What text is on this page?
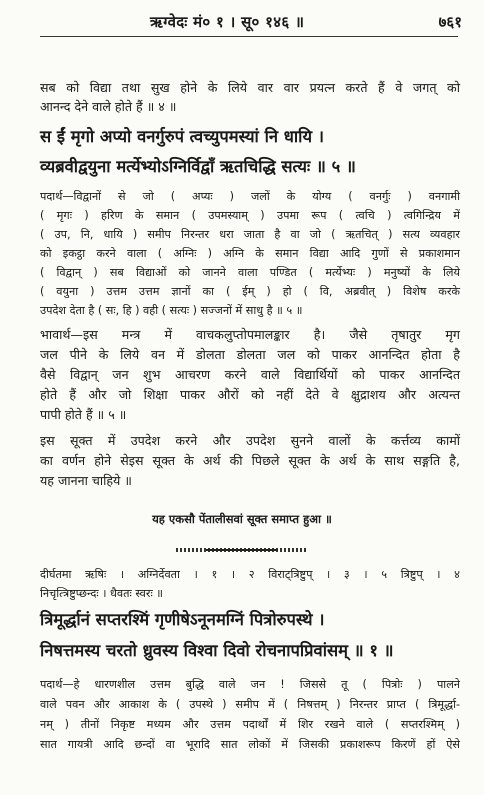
ऋग्वेदः मं० १ । सू० १४६ ॥	७६१
सब को विद्या तथा सुख होने के लिये वार वार प्रयत्न करते हैं वे जगत् को
आनन्द देने वाले होते हैं ॥ ४ ॥
स ईं मृगो अप्यो वनर्गुरुपं त्वच्युपमस्यां नि धायि ।
व्यब्रवीद्वयुना मर्त्येभ्योऽग्निर्विद्वाँ ऋतचिद्धि सत्यः ॥ ५ ॥
पदार्थ—विद्वानों से जो ( अप्यः ) जलों के योग्य ( वनर्गुः ) वनगामी
( मृगः ) हरिण के समान ( उपमस्याम् ) उपमा रूप ( त्वचि ) त्वगिन्द्रिय में
( उप, नि, धायि ) समीप निरन्तर धरा जाता है वा जो ( ऋतचित् ) सत्य व्यवहार
को इकट्ठा करने वाला ( अग्निः ) अग्नि के समान विद्या आदि गुणों से प्रकाशमान
( विद्वान् ) सब विद्याओं को जानने वाला पण्डित ( मर्त्येभ्यः ) मनुष्यों के लिये
( वयुना ) उत्तम उत्तम ज्ञानों का ( ईम् ) हो ( वि, अब्रवीत् ) विशेष करके
उपदेश देता है ( सः, हि ) वही ( सत्यः ) सज्जनों में साधु है ॥ ५ ॥
भावार्थ—इस मन्त्र में वाचकलुप्तोपमालङ्कार है। जैसे तृषातुर मृग
जल पीने के लिये वन में डोलता डोलता जल को पाकर आनन्दित होता है
वैसे विद्वान् जन शुभ आचरण करने वाले विद्यार्थियों को पाकर आनन्दित
होते हैं और जो शिक्षा पाकर औरों को नहीं देते वे क्षुद्राशय और अत्यन्त
पापी होते हैं ॥ ५ ॥
इस सूक्त में उपदेश करने और उपदेश सुनने वालों के कर्त्तव्य कामों
का वर्णन होने सेइस सूक्त के अर्थ की पिछले सूक्त के अर्थ के साथ सङ्गति है,
यह जानना चाहिये ॥
यह एकसौ पेंतालीसवां सूक्त समाप्त हुआ ॥
दीर्घतमा ऋषिः । अग्निर्देवता । १ । २ विराट्त्रिष्टुप् । ३ । ५ त्रिष्टुप् । ४
निचृत्त्रिष्टुप्छन्दः । धैवतः स्वरः ॥
त्रिमूर्द्धानं सप्तरश्मिं गृणीषेऽनूनमग्निं पित्रोरुपस्थे ।
निषत्तमस्य चरतो ध्रुवस्य विश्वा दिवो रोचनापप्रिवांसम् ॥ १ ॥
पदार्थ—हे धारणशील उत्तम बुद्धि वाले जन ! जिससे तू ( पित्रोः ) पालने
वाले पवन और आकाश के ( उपस्थे ) समीप में ( निषत्तम् ) निरन्तर प्राप्त ( त्रिमूर्द्धा-
नम् ) तीनों निकृष्ट मध्यम और उत्तम पदार्थों में शिर रखने वाले ( सप्तरश्मिम् )
सात गायत्री आदि छन्दों वा भूरादि सात लोकों में जिसकी प्रकाशरूप किरणें हों ऐसे
